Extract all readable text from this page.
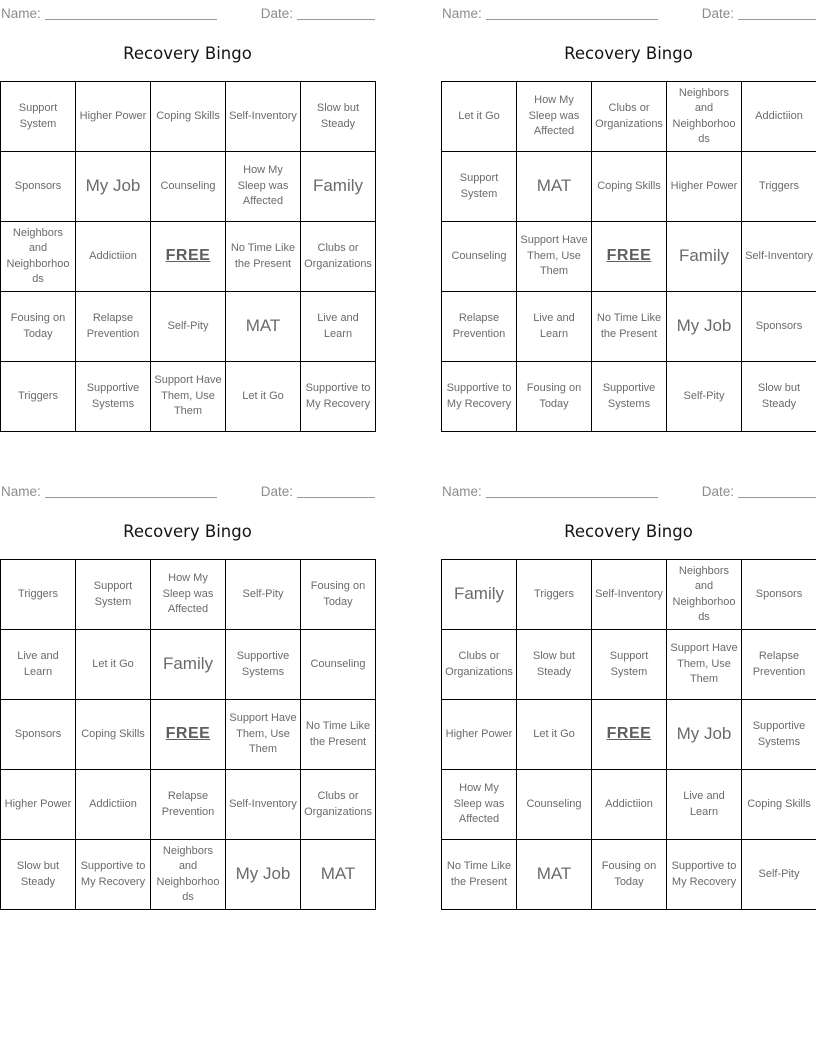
Name:	Date:
Recovery Bingo
Support System	Higher Power	Coping Skills	Self-Inventory	Slow but Steady
Sponsors	My Job	Counseling	How My Sleep was Affected	Family
Neighbors and Neighborhoods	Addictiion	FREE	No Time Like the Present	Clubs or Organizations
Fousing on Today	Relapse Prevention	Self-Pity	MAT	Live and Learn
Triggers	Supportive Systems	Support Have Them, Use Them	Let it Go	Supportive to My Recovery
Name:	Date:
Recovery Bingo
Let it Go	How My Sleep was Affected	Clubs or Organizations	Neighbors and Neighborhoods	Addictiion
Support System	MAT	Coping Skills	Higher Power	Triggers
Counseling	Support Have Them, Use Them	FREE	Family	Self-Inventory
Relapse Prevention	Live and Learn	No Time Like the Present	My Job	Sponsors
Supportive to My Recovery	Fousing on Today	Supportive Systems	Self-Pity	Slow but Steady
Name:	Date:
Recovery Bingo
Triggers	Support System	How My Sleep was Affected	Self-Pity	Fousing on Today
Live and Learn	Let it Go	Family	Supportive Systems	Counseling
Sponsors	Coping Skills	FREE	Support Have Them, Use Them	No Time Like the Present
Higher Power	Addictiion	Relapse Prevention	Self-Inventory	Clubs or Organizations
Slow but Steady	Supportive to My Recovery	Neighbors and Neighborhoods	My Job	MAT
Name:	Date:
Recovery Bingo
Family	Triggers	Self-Inventory	Neighbors and Neighborhoods	Sponsors
Clubs or Organizations	Slow but Steady	Support System	Support Have Them, Use Them	Relapse Prevention
Higher Power	Let it Go	FREE	My Job	Supportive Systems
How My Sleep was Affected	Counseling	Addictiion	Live and Learn	Coping Skills
No Time Like the Present	MAT	Fousing on Today	Supportive to My Recovery	Self-Pity
